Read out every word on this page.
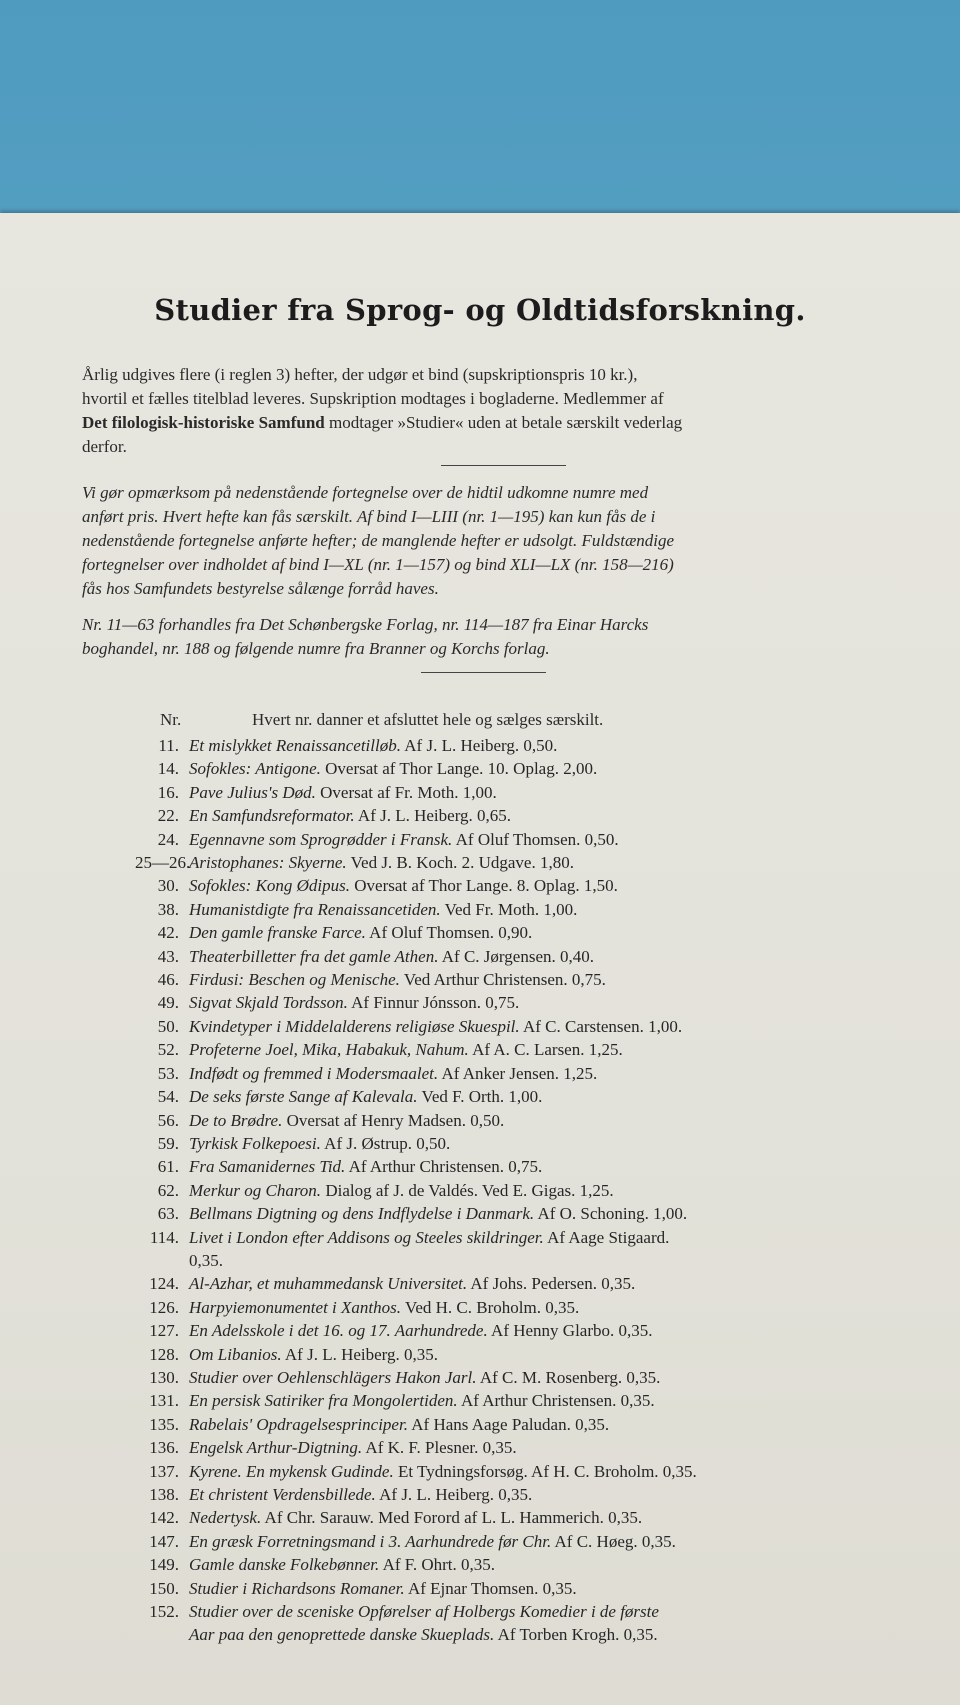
Studier fra Sprog- og Oldtidsforskning.
Årlig udgives flere (i reglen 3) hefter, der udgør et bind (supskriptionspris 10 kr.),
hvortil et fælles titelblad leveres. Supskription modtages i bogladerne. Medlemmer af
Det filologisk-historiske Samfund modtager »Studier« uden at betale særskilt vederlag
derfor.
Vi gør opmærksom på nedenstående fortegnelse over de hidtil udkomne numre med
anført pris. Hvert hefte kan fås særskilt. Af bind I—LIII (nr. 1—195) kan kun fås de i
nedenstående fortegnelse anførte hefter; de manglende hefter er udsolgt. Fuldstændige
fortegnelser over indholdet af bind I—XL (nr. 1—157) og bind XLI—LX (nr. 158—216)
fås hos Samfundets bestyrelse sålænge forråd haves.
Nr. 11—63 forhandles fra Det Schønbergske Forlag, nr. 114—187 fra Einar Harcks
boghandel, nr. 188 og følgende numre fra Branner og Korchs forlag.
Nr.	Hvert nr. danner et afsluttet hele og sælges særskilt.
11. Et mislykket Renaissancetilløb. Af J. L. Heiberg. 0,50.
14. Sofokles: Antigone. Oversat af Thor Lange. 10. Oplag. 2,00.
16. Pave Julius's Død. Oversat af Fr. Moth. 1,00.
22. En Samfundsreformator. Af J. L. Heiberg. 0,65.
24. Egennavne som Sprogrødder i Fransk. Af Oluf Thomsen. 0,50.
25—26.
Aristophanes: Skyerne. Ved J. B. Koch. 2. Udgave. 1,80.
30. Sofokles: Kong Ødipus. Oversat af Thor Lange. 8. Oplag. 1,50.
38. Humanistdigte fra Renaissancetiden. Ved Fr. Moth. 1,00.
42. Den gamle franske Farce. Af Oluf Thomsen. 0,90.
43. Theaterbilletter fra det gamle Athen. Af C. Jørgensen. 0,40.
46. Firdusi: Beschen og Menische. Ved Arthur Christensen. 0,75.
49. Sigvat Skjald Tordsson. Af Finnur Jónsson. 0,75.
50. Kvindetyper i Middelalderens religiøse Skuespil. Af C. Carstensen. 1,00.
52. Profeterne Joel, Mika, Habakuk, Nahum. Af A. C. Larsen. 1,25.
53. Indfødt og fremmed i Modersmaalet. Af Anker Jensen. 1,25.
54. De seks første Sange af Kalevala. Ved F. Orth. 1,00.
56. De to Brødre. Oversat af Henry Madsen. 0,50.
59. Tyrkisk Folkepoesi. Af J. Østrup. 0,50.
61. Fra Samanidernes Tid. Af Arthur Christensen. 0,75.
62. Merkur og Charon. Dialog af J. de Valdés. Ved E. Gigas. 1,25.
63. Bellmans Digtning og dens Indflydelse i Danmark. Af O. Schoning. 1,00.
114. Livet i London efter Addisons og Steeles skildringer. Af Aage Stigaard.
0,35.
124. Al-Azhar, et muhammedansk Universitet. Af Johs. Pedersen. 0,35.
126. Harpyiemonumentet i Xanthos. Ved H. C. Broholm. 0,35.
127. En Adelsskole i det 16. og 17. Aarhundrede. Af Henny Glarbo. 0,35.
128. Om Libanios. Af J. L. Heiberg. 0,35.
130. Studier over Oehlenschlägers Hakon Jarl. Af C. M. Rosenberg. 0,35.
131. En persisk Satiriker fra Mongolertiden. Af Arthur Christensen. 0,35.
135. Rabelais' Opdragelsesprinciper. Af Hans Aage Paludan. 0,35.
136. Engelsk Arthur-Digtning. Af K. F. Plesner. 0,35.
137. Kyrene. En mykensk Gudinde. Et Tydningsforsøg. Af H. C. Broholm. 0,35.
138. Et christent Verdensbillede. Af J. L. Heiberg. 0,35.
142. Nedertysk. Af Chr. Sarauw. Med Forord af L. L. Hammerich. 0,35.
147. En græsk Forretningsmand i 3. Aarhundrede før Chr. Af C. Høeg. 0,35.
149. Gamle danske Folkebønner. Af F. Ohrt. 0,35.
150. Studier i Richardsons Romaner. Af Ejnar Thomsen. 0,35.
152. Studier over de sceniske Opførelser af Holbergs Komedier i de første
Aar paa den genoprettede danske Skueplads. Af Torben Krogh. 0,35.
